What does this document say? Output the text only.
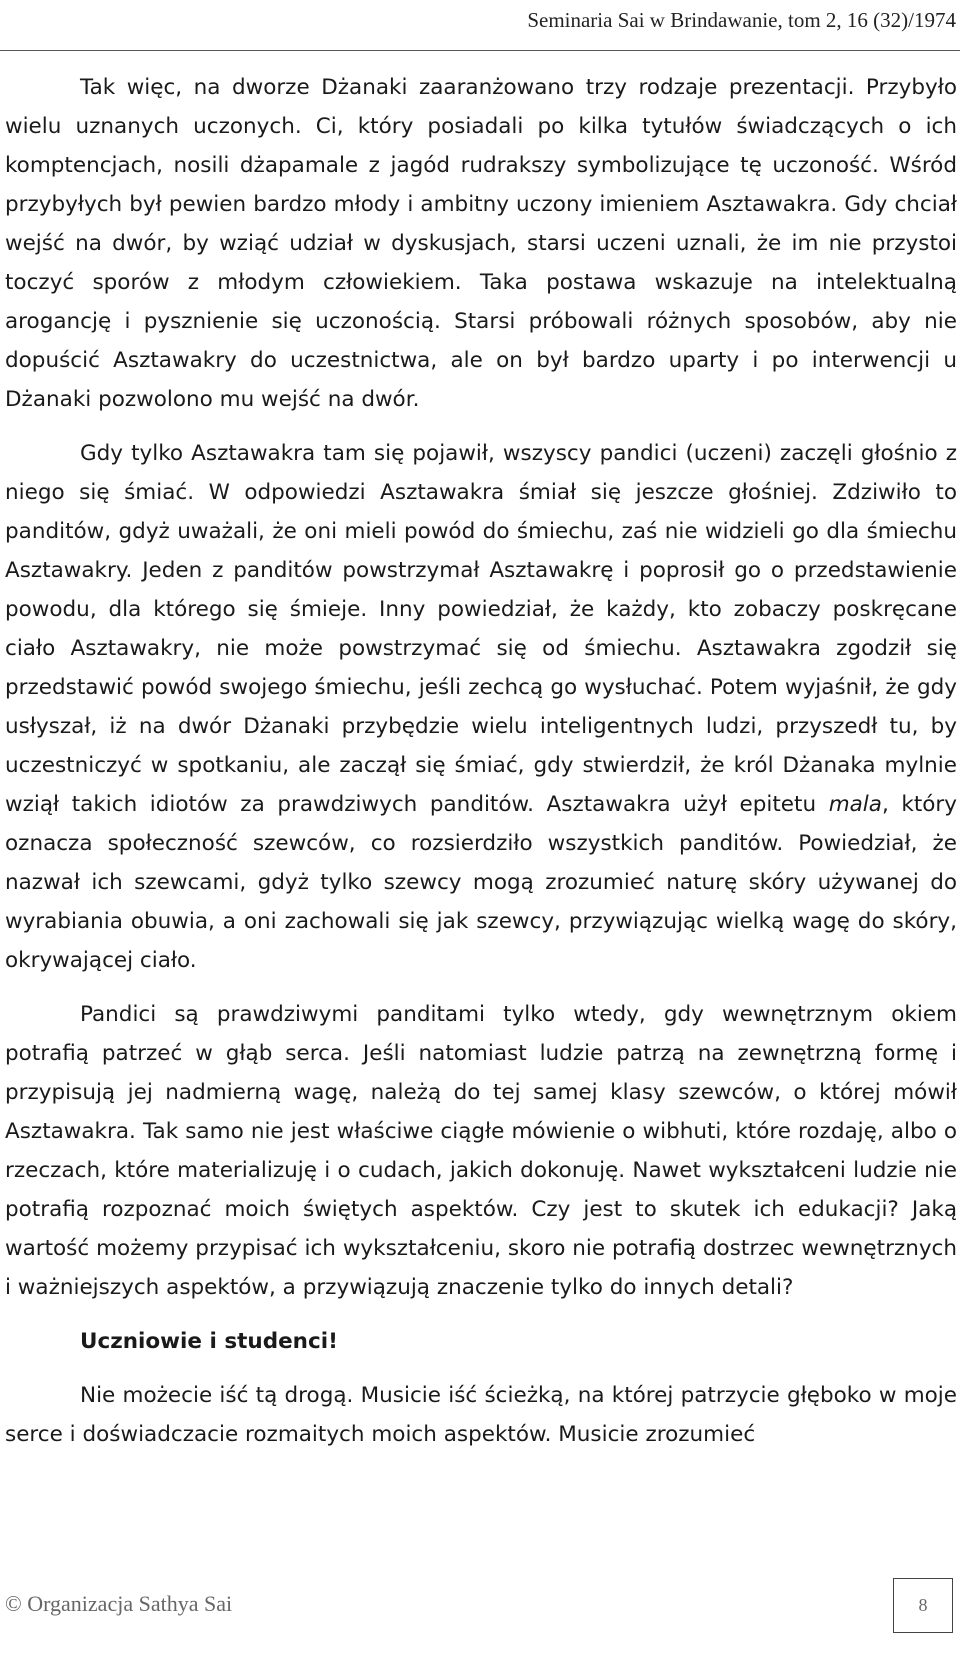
Seminaria Sai w Brindawanie, tom 2, 16 (32)/1974

Tak więc, na dworze Dżanaki zaaranżowano trzy rodzaje prezentacji. Przybyło wielu uznanych uczonych. Ci, który posiadali po kilka tytułów świadczących o ich komptencjach, nosili dżapamale z jagód rudrakszy symbolizujące tę uczoność. Wśród przybyłych był pewien bardzo młody i ambitny uczony imieniem Asztawakra. Gdy chciał wejść na dwór, by wziąć udział w dyskusjach, starsi uczeni uznali, że im nie przystoi toczyć sporów z młodym człowiekiem. Taka postawa wskazuje na intelektualną arogancję i pysznienie się uczonością. Starsi próbowali różnych sposobów, aby nie dopuścić Asztawakry do uczestnictwa, ale on był bardzo uparty i po interwencji u Dżanaki pozwolono mu wejść na dwór.

Gdy tylko Asztawakra tam się pojawił, wszyscy pandici (uczeni) zaczęli głośnio z niego się śmiać. W odpowiedzi Asztawakra śmiał się jeszcze głośniej. Zdziwiło to panditów, gdyż uważali, że oni mieli powód do śmiechu, zaś nie widzieli go dla śmiechu Asztawakry. Jeden z panditów powstrzymał Asztawakrę i poprosił go o przedstawienie powodu, dla którego się śmieje. Inny powiedział, że każdy, kto zobaczy poskręcane ciało Asztawakry, nie może powstrzymać się od śmiechu. Asztawakra zgodził się przedstawić powód swojego śmiechu, jeśli zechcą go wysłuchać. Potem wyjaśnił, że gdy usłyszał, iż na dwór Dżanaki przybędzie wielu inteligentnych ludzi, przyszedł tu, by uczestniczyć w spotkaniu, ale zaczął się śmiać, gdy stwierdził, że król Dżanaka mylnie wziął takich idiotów za prawdziwych panditów. Asztawakra użył epitetu mala, który oznacza społeczność szewców, co rozsierdziło wszystkich panditów. Powiedział, że nazwał ich szewcami, gdyż tylko szewcy mogą zrozumieć naturę skóry używanej do wyrabiania obuwia, a oni zachowali się jak szewcy, przywiązując wielką wagę do skóry, okrywającej ciało.

Pandici są prawdziwymi panditami tylko wtedy, gdy wewnętrznym okiem potrafią patrzeć w głąb serca. Jeśli natomiast ludzie patrzą na zewnętrzną formę i przypisują jej nadmierną wagę, należą do tej samej klasy szewców, o której mówił Asztawakra. Tak samo nie jest właściwe ciągłe mówienie o wibhuti, które rozdaję, albo o rzeczach, które materializuję i o cudach, jakich dokonuję. Nawet wykształceni ludzie nie potrafią rozpoznać moich świętych aspektów. Czy jest to skutek ich edukacji? Jaką wartość możemy przypisać ich wykształceniu, skoro nie potrafią dostrzec wewnętrznych i ważniejszych aspektów, a przywiązują znaczenie tylko do innych detali?

Uczniowie i studenci!

Nie możecie iść tą drogą. Musicie iść ścieżką, na której patrzycie głęboko w moje serce i doświadczacie rozmaitych moich aspektów. Musicie zrozumieć

© Organizacja Sathya Sai	8
